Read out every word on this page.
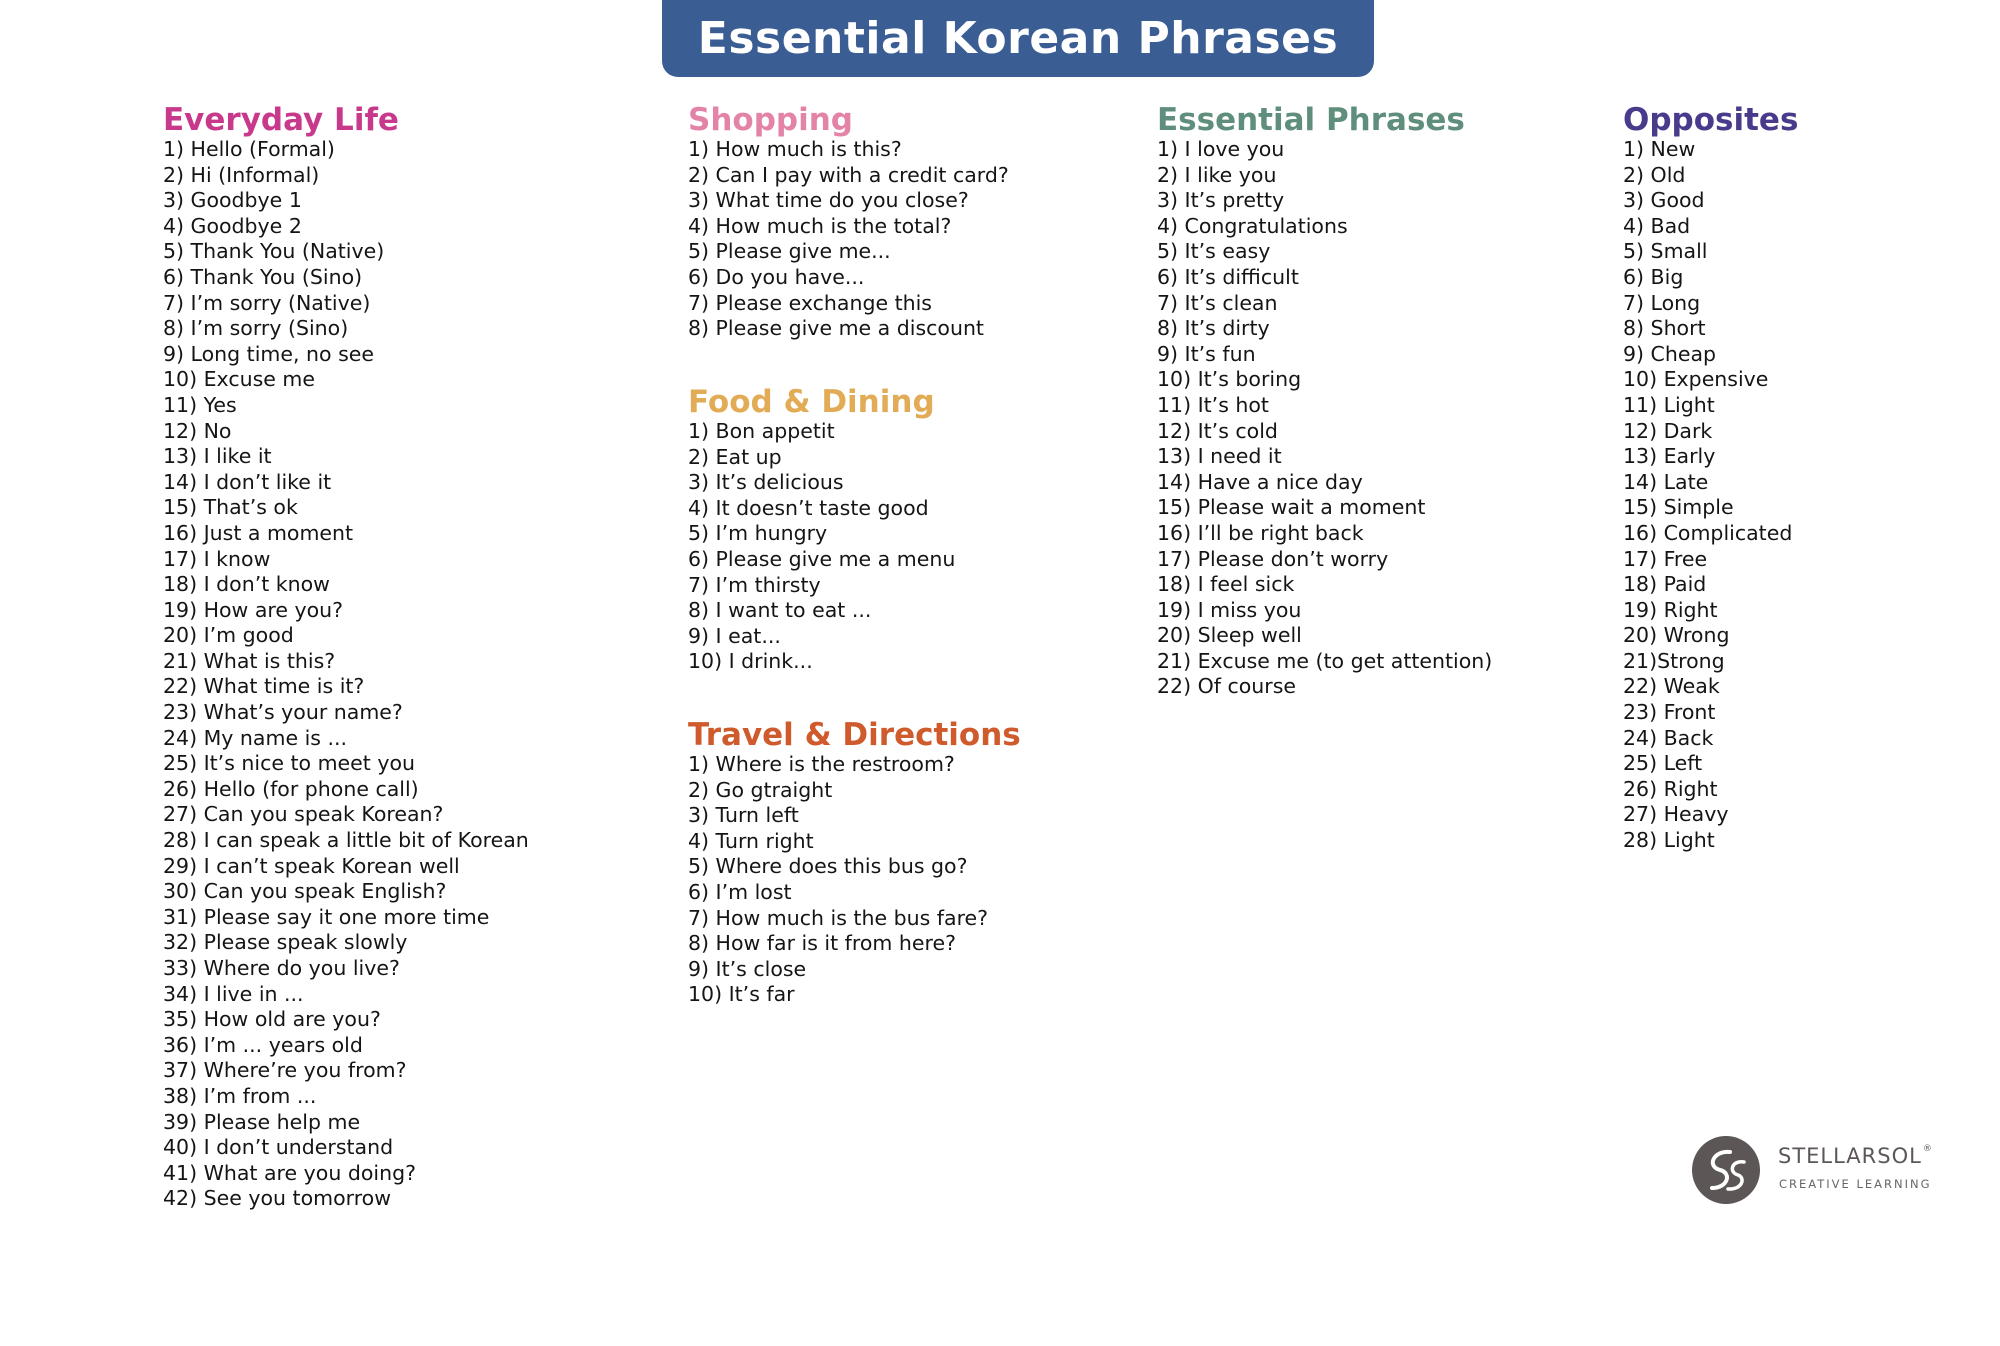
Essential Korean Phrases
Everyday Life
1) Hello (Formal)
2) Hi (Informal)
3) Goodbye 1
4) Goodbye 2
5) Thank You (Native)
6) Thank You (Sino)
7) I’m sorry (Native)
8) I’m sorry (Sino)
9) Long time, no see
10) Excuse me
11) Yes
12) No
13) I like it
14) I don’t like it
15) That’s ok
16) Just a moment
17) I know
18) I don’t know
19) How are you?
20) I’m good
21) What is this?
22) What time is it?
23) What’s your name?
24) My name is ...
25) It’s nice to meet you
26) Hello (for phone call)
27) Can you speak Korean?
28) I can speak a little bit of Korean
29) I can’t speak Korean well
30) Can you speak English?
31) Please say it one more time
32) Please speak slowly
33) Where do you live?
34) I live in ...
35) How old are you?
36) I’m ... years old
37) Where’re you from?
38) I’m from ...
39) Please help me
40) I don’t understand
41) What are you doing?
42) See you tomorrow
Shopping
1) How much is this?
2) Can I pay with a credit card?
3) What time do you close?
4) How much is the total?
5) Please give me...
6) Do you have...
7) Please exchange this
8) Please give me a discount
Food & Dining
1) Bon appetit
2) Eat up
3) It’s delicious
4) It doesn’t taste good
5) I’m hungry
6) Please give me a menu
7) I’m thirsty
8) I want to eat ...
9) I eat...
10) I drink...
Travel & Directions
1) Where is the restroom?
2) Go gtraight
3) Turn left
4) Turn right
5) Where does this bus go?
6) I’m lost
7) How much is the bus fare?
8) How far is it from here?
9) It’s close
10) It’s far
Essential Phrases
1) I love you
2) I like you
3) It’s pretty
4) Congratulations
5) It’s easy
6) It’s difficult
7) It’s clean
8) It’s dirty
9) It’s fun
10) It’s boring
11) It’s hot
12) It’s cold
13) I need it
14) Have a nice day
15) Please wait a moment
16) I’ll be right back
17) Please don’t worry
18) I feel sick
19) I miss you
20) Sleep well
21) Excuse me (to get attention)
22) Of course
Opposites
1) New
2) Old
3) Good
4) Bad
5) Small
6) Big
7) Long
8) Short
9) Cheap
10) Expensive
11) Light
12) Dark
13) Early
14) Late
15) Simple
16) Complicated
17) Free
18) Paid
19) Right
20) Wrong
21)Strong
22) Weak
23) Front
24) Back
25) Left
26) Right
27) Heavy
28) Light
STELLARSOL®
CREATIVE LEARNING
